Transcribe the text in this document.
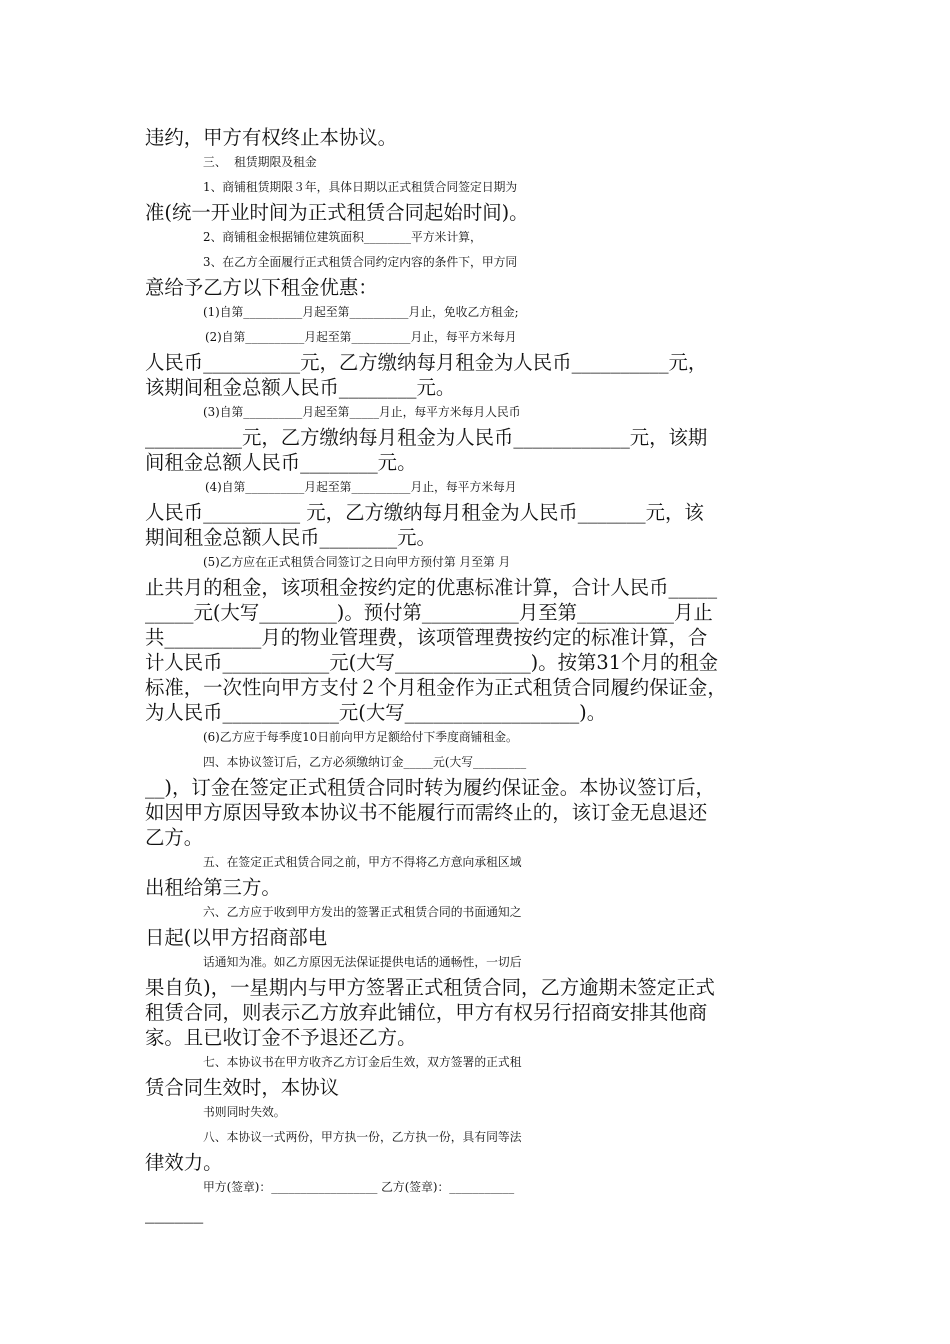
违约，甲方有权终止本协议。
三、  租赁期限及租金
1、商铺租赁期限３年，具体日期以正式租赁合同签定日期为
准(统一开业时间为正式租赁合同起始时间)。
2、商铺租金根据铺位建筑面积________平方米计算，
3、在乙方全面履行正式租赁合同约定内容的条件下，甲方同
意给予乙方以下租金优惠：
(1)自第__________月起至第__________月止，免收乙方租金;
(2)自第__________月起至第__________月止，每平方米每月
人民币__________元，乙方缴纳每月租金为人民币__________元，
该期间租金总额人民币________元。
(3)自第__________月起至第_____月止，每平方米每月人民币
__________元，乙方缴纳每月租金为人民币____________元，该期
间租金总额人民币________元。
(4)自第__________月起至第__________月止，每平方米每月
人民币__________ 元，乙方缴纳每月租金为人民币_______元，该
期间租金总额人民币________元。
(5)乙方应在正式租赁合同签订之日向甲方预付第 月至第 月
止共月的租金，该项租金按约定的优惠标准计算，合计人民币_____
_____元(大写________)。预付第__________月至第__________月止
共__________月的物业管理费，该项管理费按约定的标准计算，合
计人民币___________元(大写______________)。按第31个月的租金
标准，一次性向甲方支付２个月租金作为正式租赁合同履约保证金，
为人民币____________元(大写__________________)。
(6)乙方应于每季度10日前向甲方足额给付下季度商铺租金。
四、本协议签订后，乙方必须缴纳订金_____元(大写_________
__)，订金在签定正式租赁合同时转为履约保证金。本协议签订后，
如因甲方原因导致本协议书不能履行而需终止的，该订金无息退还
乙方。
五、在签定正式租赁合同之前，甲方不得将乙方意向承租区域
出租给第三方。
六、乙方应于收到甲方发出的签署正式租赁合同的书面通知之
日起(以甲方招商部电
话通知为准。如乙方原因无法保证提供电话的通畅性，一切后
果自负)，一星期内与甲方签署正式租赁合同，乙方逾期未签定正式
租赁合同，则表示乙方放弃此铺位，甲方有权另行招商安排其他商
家。且已收订金不予退还乙方。
七、本协议书在甲方收齐乙方订金后生效，双方签署的正式租
赁合同生效时，本协议
书则同时失效。
八、本协议一式两份，甲方执一份，乙方执一份，具有同等法
律效力。
甲方(签章)：__________________ 乙方(签章)：___________
______
